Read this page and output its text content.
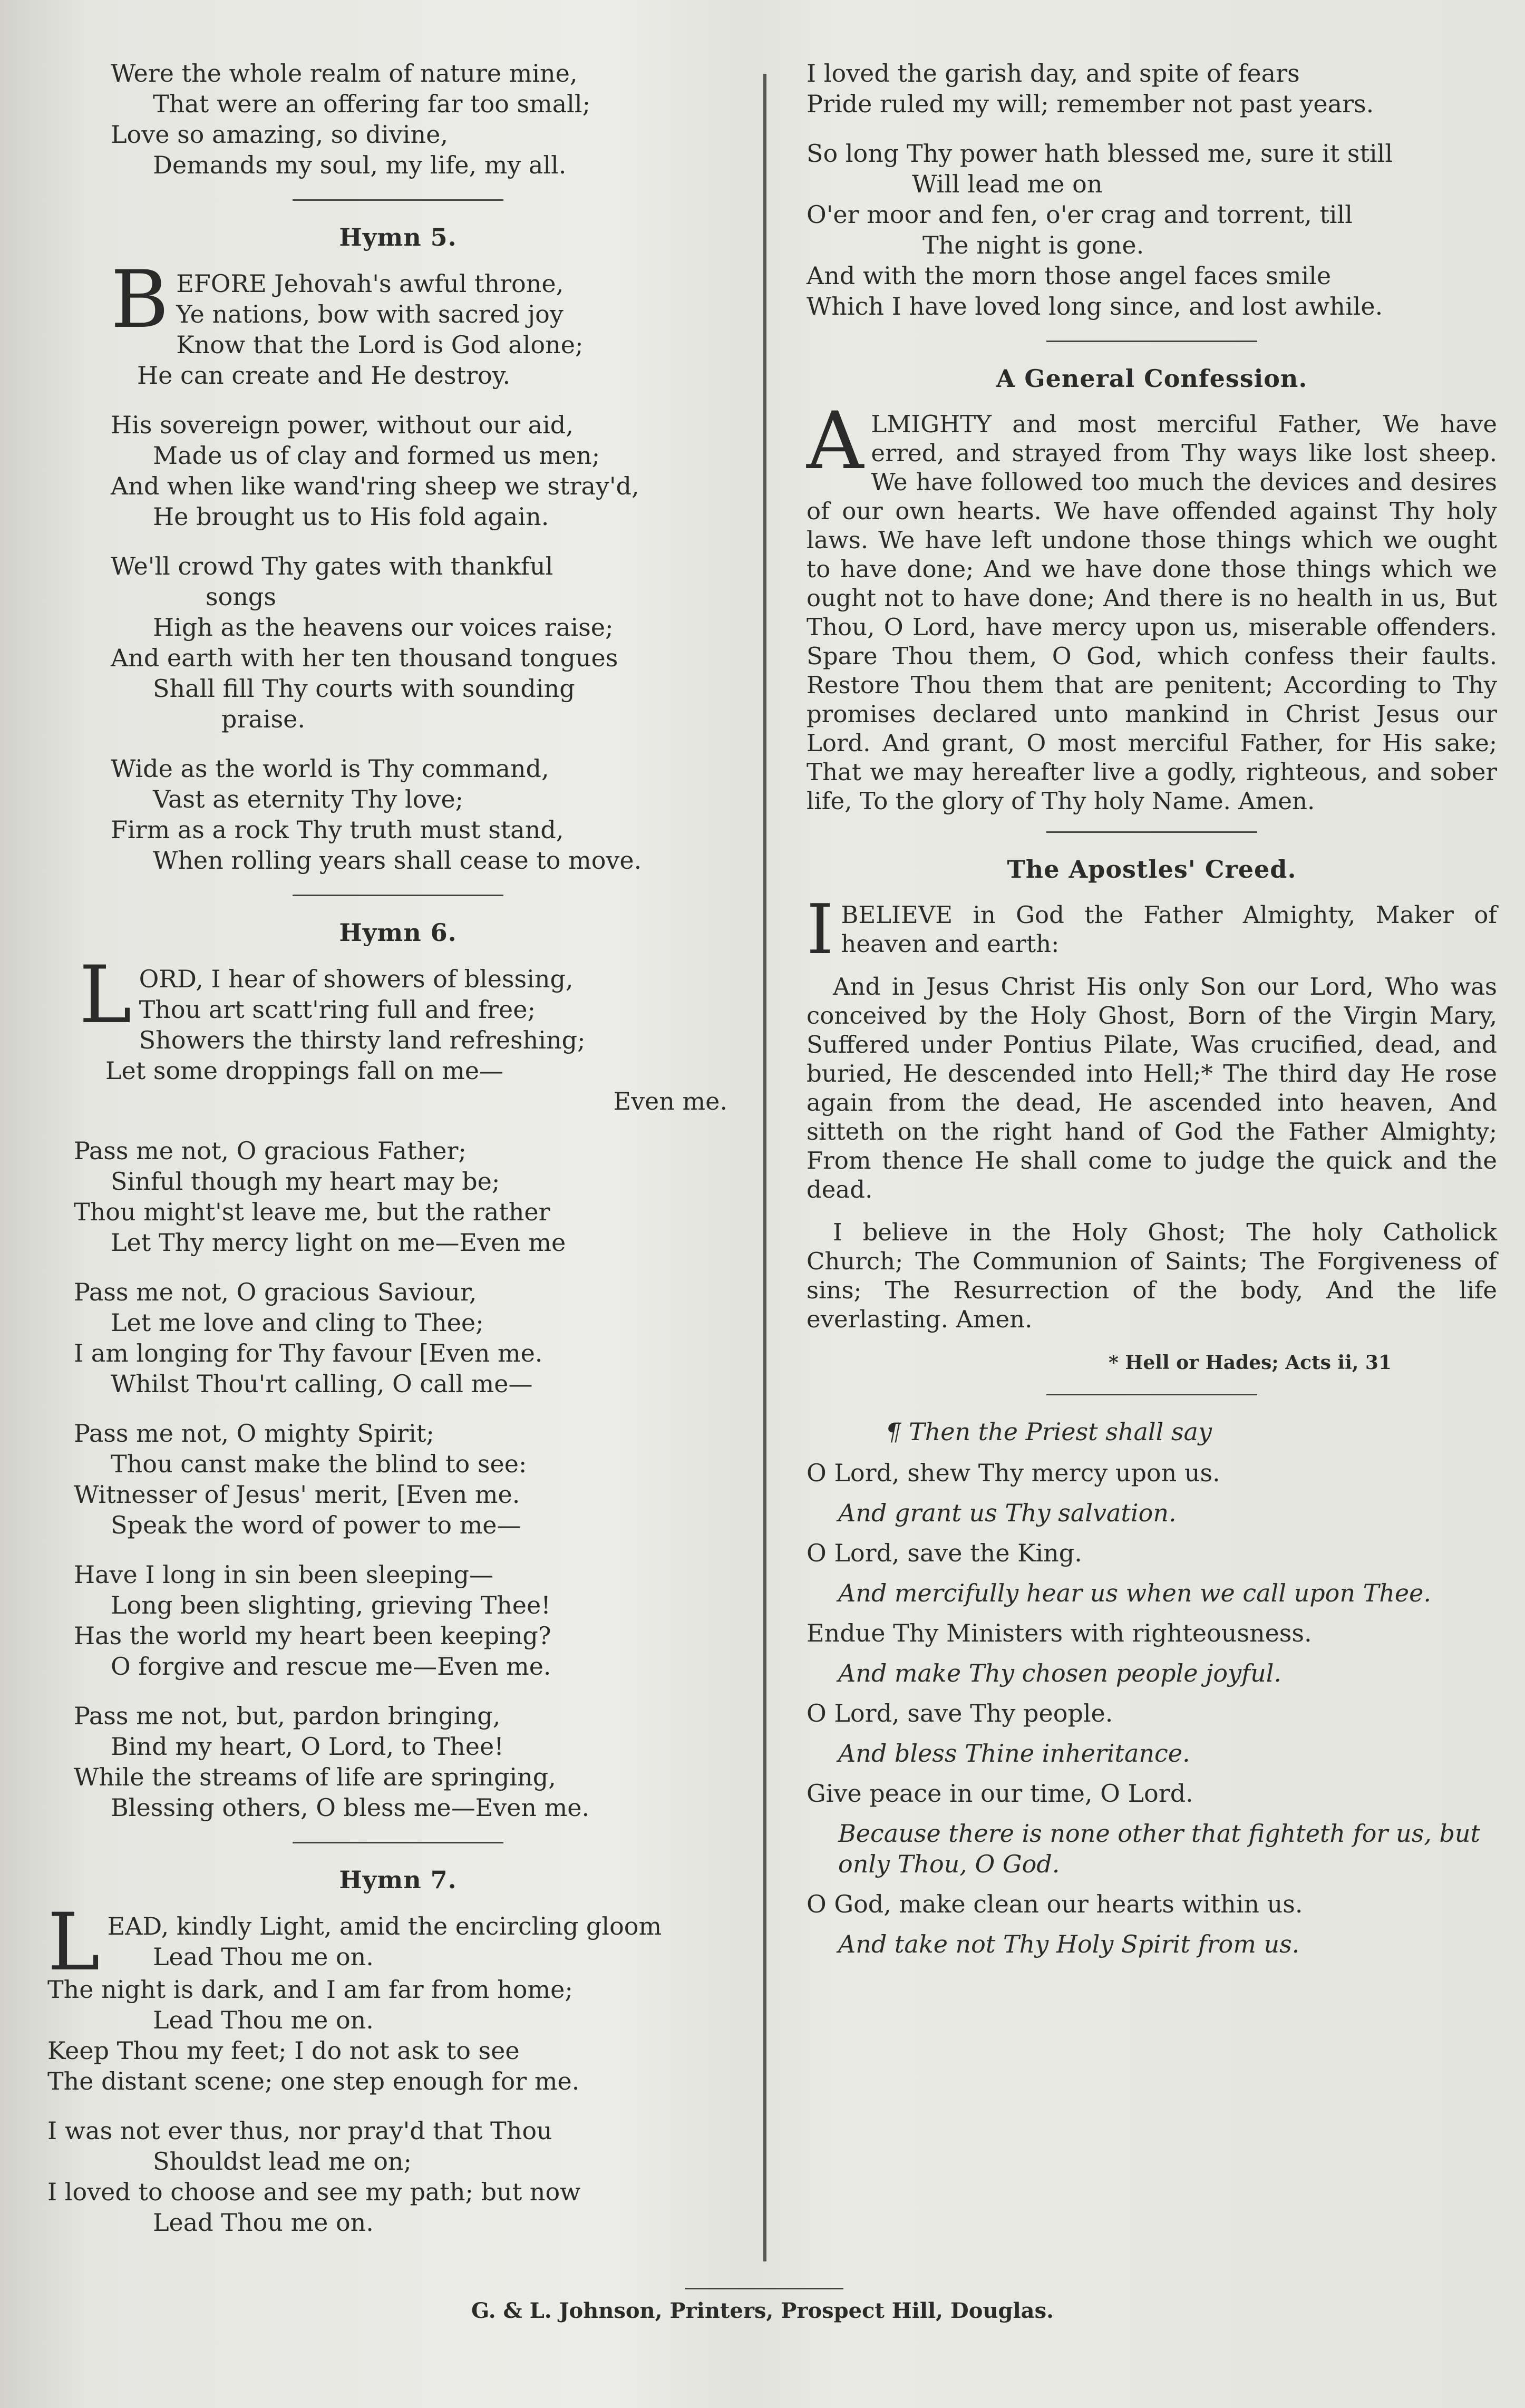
Were the whole realm of nature mine,
That were an offering far too small;
Love so amazing, so divine,
Demands my soul, my life, my all.
Hymn 5.
B EFORE Jehovah's awful throne,
Ye nations, bow with sacred joy
Know that the Lord is God alone;
He can create and He destroy.
His sovereign power, without our aid,
Made us of clay and formed us men;
And when like wand'ring sheep we stray'd,
He brought us to His fold again.
We'll crowd Thy gates with thankful
songs
High as the heavens our voices raise;
And earth with her ten thousand tongues
Shall fill Thy courts with sounding
praise.
Wide as the world is Thy command,
Vast as eternity Thy love;
Firm as a rock Thy truth must stand,
When rolling years shall cease to move.
Hymn 6.
L ORD, I hear of showers of blessing,
Thou art scatt'ring full and free;
Showers the thirsty land refreshing;
Let some droppings fall on me—
Even me.
Pass me not, O gracious Father;
Sinful though my heart may be;
Thou might'st leave me, but the rather
Let Thy mercy light on me—Even me
Pass me not, O gracious Saviour,
Let me love and cling to Thee;
I am longing for Thy favour [Even me.
Whilst Thou'rt calling, O call me—
Pass me not, O mighty Spirit;
Thou canst make the blind to see:
Witnesser of Jesus' merit, [Even me.
Speak the word of power to me—
Have I long in sin been sleeping—
Long been slighting, grieving Thee!
Has the world my heart been keeping?
O forgive and rescue me—Even me.
Pass me not, but, pardon bringing,
Bind my heart, O Lord, to Thee!
While the streams of life are springing,
Blessing others, O bless me—Even me.
Hymn 7.
L EAD, kindly Light, amid the encircling gloom
Lead Thou me on.
The night is dark, and I am far from home;
Lead Thou me on.
Keep Thou my feet; I do not ask to see
The distant scene; one step enough for me.
I was not ever thus, nor pray'd that Thou
Shouldst lead me on;
I loved to choose and see my path; but now
Lead Thou me on.
I loved the garish day, and spite of fears
Pride ruled my will; remember not past years.
So long Thy power hath blessed me, sure it still
Will lead me on
O'er moor and fen, o'er crag and torrent, till
The night is gone.
And with the morn those angel faces smile
Which I have loved long since, and lost awhile.
A General Confession.
A LMIGHTY and most merciful Father, We have erred, and strayed from Thy ways like lost sheep. We have followed too much the devices and desires of our own hearts. We have offended against Thy holy laws. We have left undone those things which we ought to have done; And we have done those things which we ought not to have done; And there is no health in us, But Thou, O Lord, have mercy upon us, miserable offenders. Spare Thou them, O God, which confess their faults. Restore Thou them that are penitent; According to Thy promises declared unto mankind in Christ Jesus our Lord. And grant, O most merciful Father, for His sake; That we may hereafter live a godly, righteous, and sober life, To the glory of Thy holy Name. Amen.
The Apostles' Creed.
I BELIEVE in God the Father Almighty, Maker of heaven and earth:
And in Jesus Christ His only Son our Lord, Who was conceived by the Holy Ghost, Born of the Virgin Mary, Suffered under Pontius Pilate, Was crucified, dead, and buried, He descended into Hell;* The third day He rose again from the dead, He ascended into heaven, And sitteth on the right hand of God the Father Almighty; From thence He shall come to judge the quick and the dead.
I believe in the Holy Ghost; The holy Catholick Church; The Communion of Saints; The Forgiveness of sins; The Resurrection of the body, And the life everlasting. Amen.
* Hell or Hades; Acts ii, 31
¶ Then the Priest shall say
O Lord, shew Thy mercy upon us.
And grant us Thy salvation.
O Lord, save the King.
And mercifully hear us when we call upon Thee.
Endue Thy Ministers with righteousness.
And make Thy chosen people joyful.
O Lord, save Thy people.
And bless Thine inheritance.
Give peace in our time, O Lord.
Because there is none other that fighteth for us, but only Thou, O God.
O God, make clean our hearts within us.
And take not Thy Holy Spirit from us.
G. & L. Johnson, Printers, Prospect Hill, Douglas.
